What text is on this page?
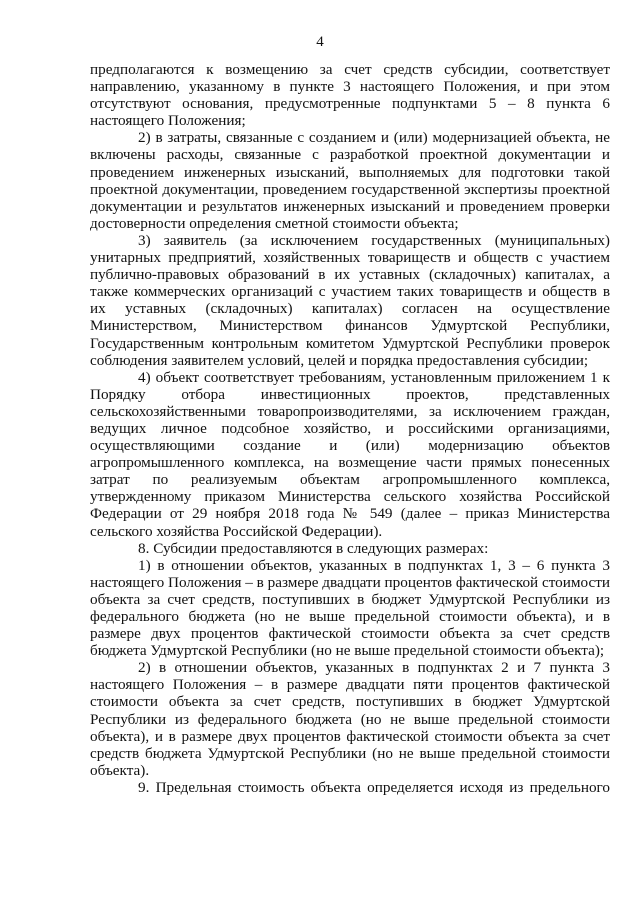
4

предполагаются к возмещению за счет средств субсидии, соответствует направлению, указанному в пункте 3 настоящего Положения, и при этом отсутствуют основания, предусмотренные подпунктами 5 – 8 пункта 6 настоящего Положения;

2) в затраты, связанные с созданием и (или) модернизацией объекта, не включены расходы, связанные с разработкой проектной документации и проведением инженерных изысканий, выполняемых для подготовки такой проектной документации, проведением государственной экспертизы проектной документации и результатов инженерных изысканий и проведением проверки достоверности определения сметной стоимости объекта;

3) заявитель (за исключением государственных (муниципальных) унитарных предприятий, хозяйственных товариществ и обществ с участием публично-правовых образований в их уставных (складочных) капиталах, а также коммерческих организаций с участием таких товариществ и обществ в их уставных (складочных) капиталах) согласен на осуществление Министерством, Министерством финансов Удмуртской Республики, Государственным контрольным комитетом Удмуртской Республики проверок соблюдения заявителем условий, целей и порядка предоставления субсидии;

4) объект соответствует требованиям, установленным приложением 1 к Порядку отбора инвестиционных проектов, представленных сельскохозяйственными товаропроизводителями, за исключением граждан, ведущих личное подсобное хозяйство, и российскими организациями, осуществляющими создание и (или) модернизацию объектов агропромышленного комплекса, на возмещение части прямых понесенных затрат по реализуемым объектам агропромышленного комплекса, утвержденному приказом Министерства сельского хозяйства Российской Федерации от 29 ноября 2018 года № 549 (далее – приказ Министерства сельского хозяйства Российской Федерации).

8. Субсидии предоставляются в следующих размерах:

1) в отношении объектов, указанных в подпунктах 1, 3 – 6 пункта 3 настоящего Положения – в размере двадцати процентов фактической стоимости объекта за счет средств, поступивших в бюджет Удмуртской Республики из федерального бюджета (но не выше предельной стоимости объекта), и в размере двух процентов фактической стоимости объекта за счет средств бюджета Удмуртской Республики (но не выше предельной стоимости объекта);

2) в отношении объектов, указанных в подпунктах 2 и 7 пункта 3 настоящего Положения – в размере двадцати пяти процентов фактической стоимости объекта за счет средств, поступивших в бюджет Удмуртской Республики из федерального бюджета (но не выше предельной стоимости объекта), и в размере двух процентов фактической стоимости объекта за счет средств бюджета Удмуртской Республики (но не выше предельной стоимости объекта).

9. Предельная стоимость объекта определяется исходя из предельного
